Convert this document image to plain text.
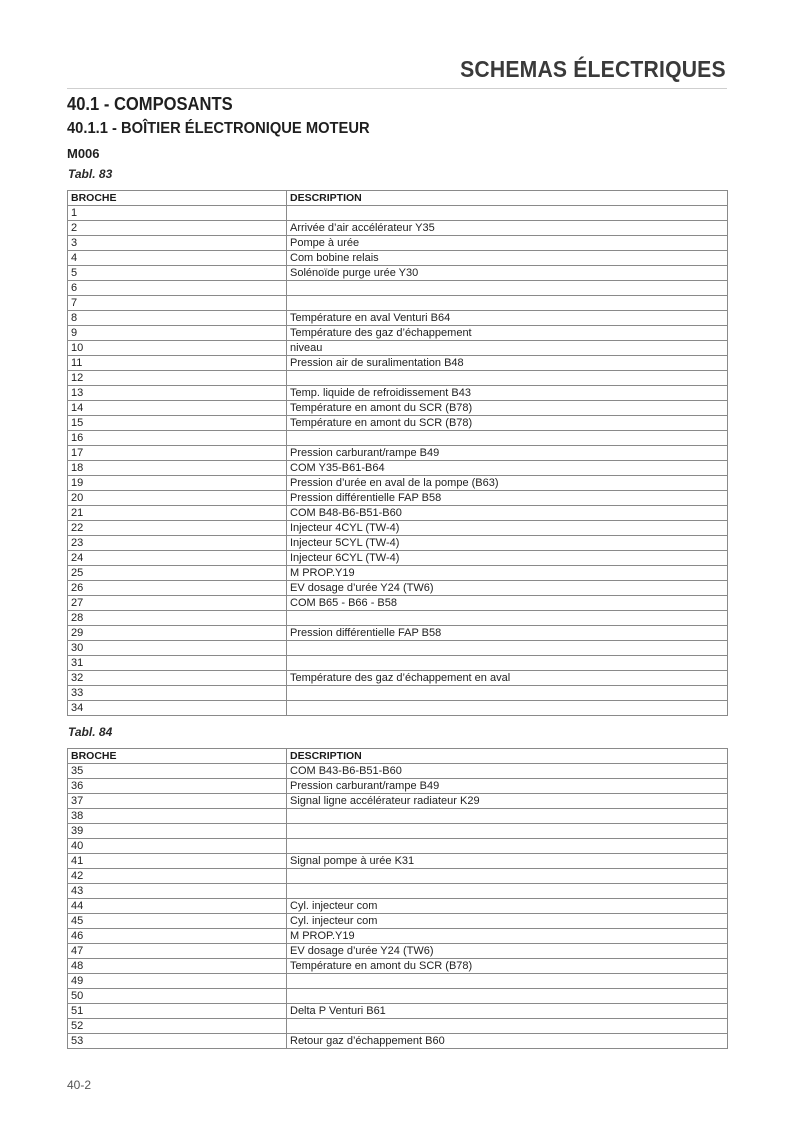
SCHEMAS ÉLECTRIQUES
40.1 - COMPOSANTS
40.1.1 - BOÎTIER ÉLECTRONIQUE MOTEUR
M006

Tabl. 83

BROCHE	DESCRIPTION
1	
2	Arrivée d’air accélérateur Y35
3	Pompe à urée
4	Com bobine relais
5	Solénoïde purge urée Y30
6	
7	
8	Température en aval Venturi B64
9	Température des gaz d’échappement
10	niveau
11	Pression air de suralimentation B48
12	
13	Temp. liquide de refroidissement B43
14	Température en amont du SCR (B78)
15	Température en amont du SCR (B78)
16	
17	Pression carburant/rampe B49
18	COM Y35-B61-B64
19	Pression d’urée en aval de la pompe (B63)
20	Pression différentielle FAP B58
21	COM B48-B6-B51-B60
22	Injecteur 4CYL (TW-4)
23	Injecteur 5CYL (TW-4)
24	Injecteur 6CYL (TW-4)
25	M PROP.Y19
26	EV dosage d’urée Y24 (TW6)
27	COM B65 - B66 - B58
28	
29	Pression différentielle FAP B58
30	
31	
32	Température des gaz d’échappement en aval
33	
34	

Tabl. 84

BROCHE	DESCRIPTION
35	COM B43-B6-B51-B60
36	Pression carburant/rampe B49
37	Signal ligne accélérateur radiateur K29
38	
39	
40	
41	Signal pompe à urée K31
42	
43	
44	Cyl. injecteur com
45	Cyl. injecteur com
46	M PROP.Y19
47	EV dosage d’urée Y24 (TW6)
48	Température en amont du SCR (B78)
49	
50	
51	Delta P Venturi B61
52	
53	Retour gaz d’échappement B60

40-2
